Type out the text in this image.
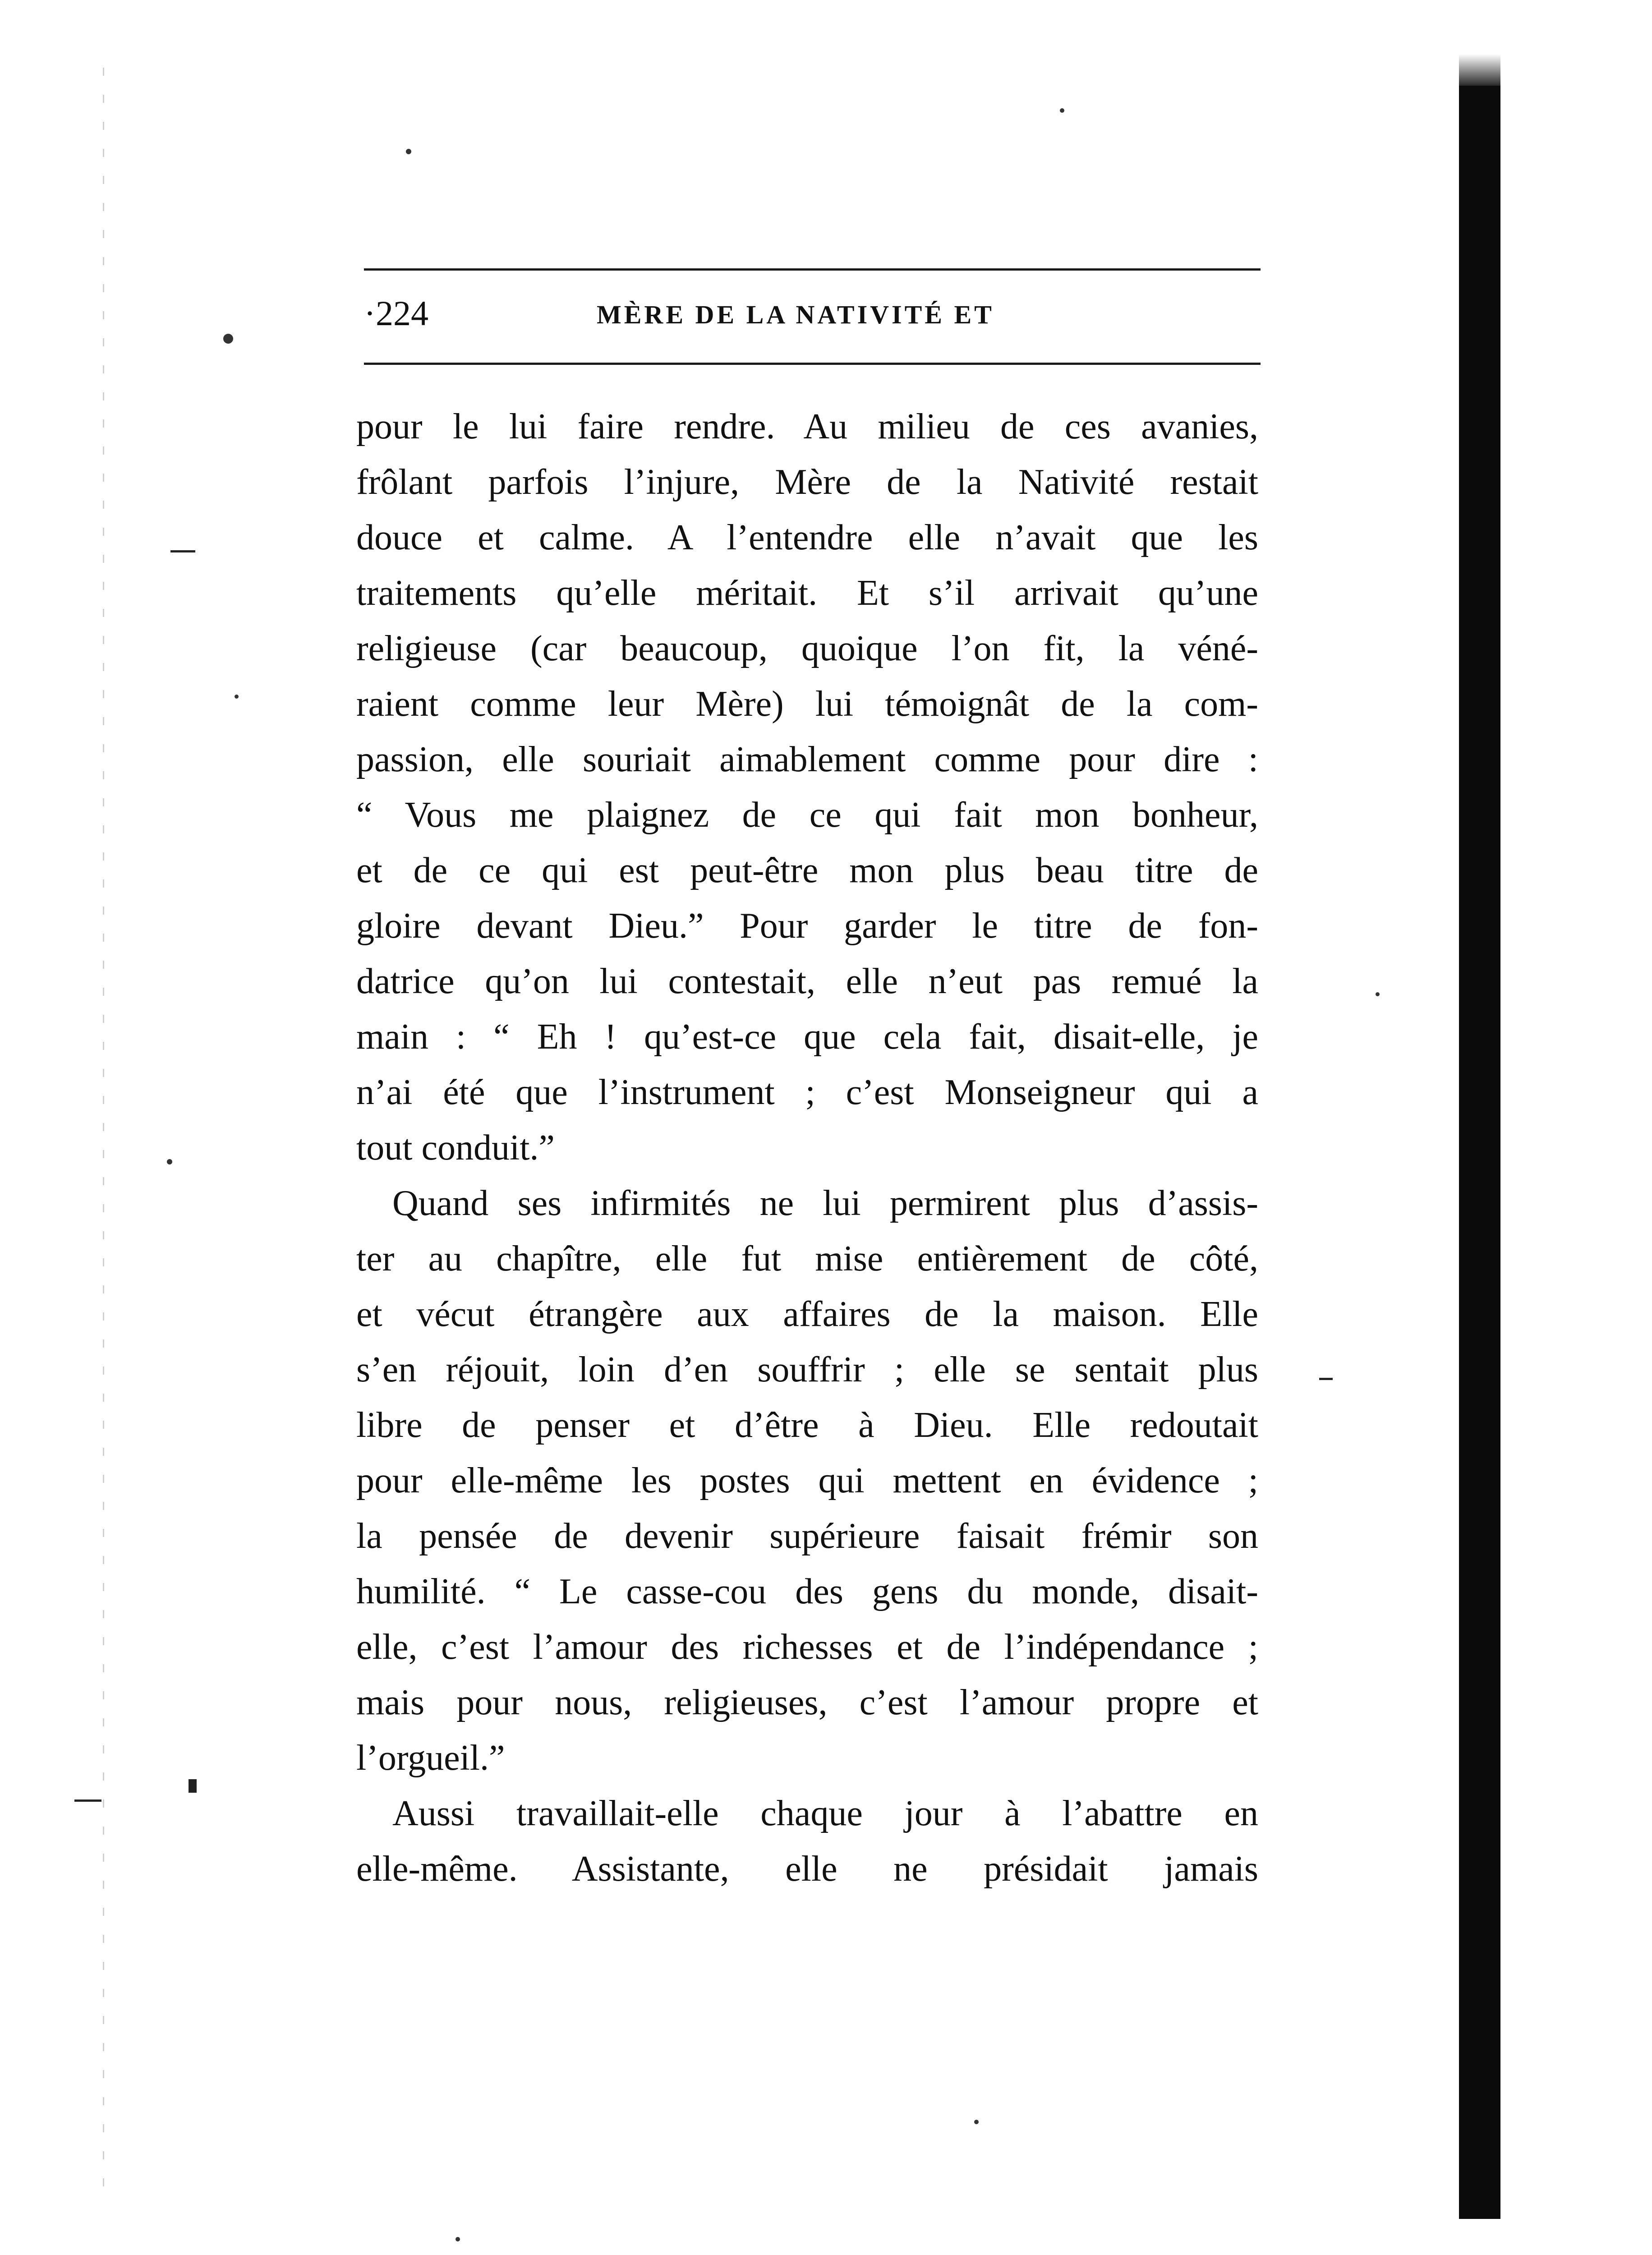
·224	MÈRE DE LA NATIVITÉ ET

pour le lui faire rendre. Au milieu de ces avanies,
frôlant parfois l’injure, Mère de la Nativité restait
douce et calme. A l’entendre elle n’avait que les
traitements qu’elle méritait. Et s’il arrivait qu’une
religieuse (car beaucoup, quoique l’on fit, la véné-
raient comme leur Mère) lui témoignât de la com-
passion, elle souriait aimablement comme pour dire :
“ Vous me plaignez de ce qui fait mon bonheur,
et de ce qui est peut-être mon plus beau titre de
gloire devant Dieu.” Pour garder le titre de fon-
datrice qu’on lui contestait, elle n’eut pas remué la
main : “ Eh ! qu’est-ce que cela fait, disait-elle, je
n’ai été que l’instrument ; c’est Monseigneur qui a
tout conduit.”

Quand ses infirmités ne lui permirent plus d’assis-
ter au chapître, elle fut mise entièrement de côté,
et vécut étrangère aux affaires de la maison. Elle
s’en réjouit, loin d’en souffrir ; elle se sentait plus
libre de penser et d’être à Dieu. Elle redoutait
pour elle-même les postes qui mettent en évidence ;
la pensée de devenir supérieure faisait frémir son
humilité. “ Le casse-cou des gens du monde, disait-
elle, c’est l’amour des richesses et de l’indépendance ;
mais pour nous, religieuses, c’est l’amour propre et
l’orgueil.”

Aussi travaillait-elle chaque jour à l’abattre en
elle-même. Assistante, elle ne présidait jamais
